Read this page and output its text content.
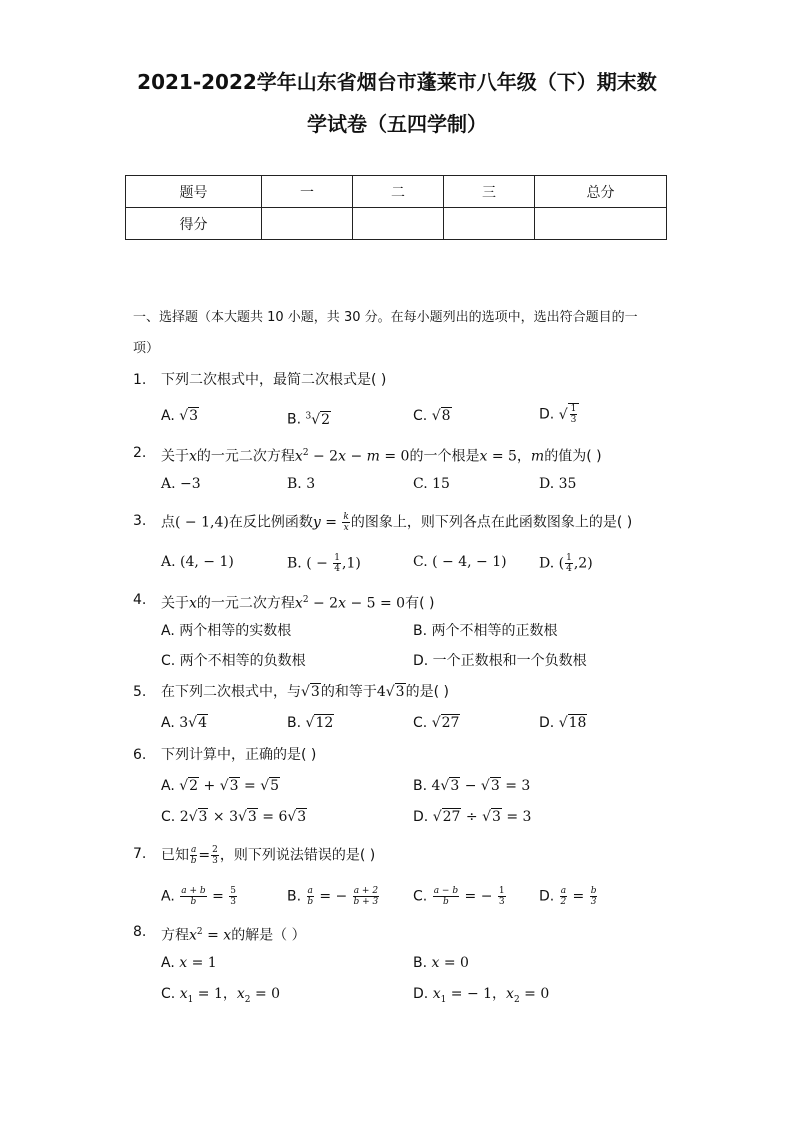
2021-2022学年山东省烟台市蓬莱市八年级（下）期末数
学试卷（五四学制）
题号	一	二	三	总分
得分				
一、选择题（本大题共 10 小题，共 30 分。在每小题列出的选项中，选出符合题目的一
项）
1. 下列二次根式中，最简二次根式是( )
A. √3	B. $^3$√2	C. √8	D. √ $\frac{1}{3}$
2. 关于x的一元二次方程$x^2 - 2x - m = 0$的一个根是x = 5，m的值为( )
A. −3	B. 3	C. 15	D. 35
3. 点( − 1,4)在反比例函数$y = \frac{k}{x}$ 的图象上，则下列各点在此函数图象上的是( )
A. (4, − 1)	B. ( − $\frac{1}{4} ,1$)	C. ( − 4, − 1) D. ( $\frac{1}{4} ,2$)
4. 关于x的一元二次方程$x^2 - 2x - 5 = 0$有( )
A. 两个相等的实数根	B. 两个不相等的正数根
C. 两个不相等的负数根	D. 一个正数根和一个负数根
5. 在下列二次根式中，与√3的和等于4√3的是( )
A. 3√4	B. √12	C. √27	D. √18
6. 下列计算中，正确的是( )
A. √2 + √3 = √5	B. 4√3 − √3 = 3
C. 2√3 × 3√3 = 6√3	D. √27 ÷ √3 = 3
7. 已知 $\frac{a}{b} = \frac{2}{3}$ ，则下列说法错误的是( )
A. $\frac{a + b}{b} = \frac{5}{3}$	B. $\frac{a}{b}$ = − $\frac{a + 2}{b + 3} C$. $\frac{a - b}{b}$ = − $\frac{1}{3} D$. $\frac{a}{2} = \frac{b}{3}$
8. 方程$x^2 = x$的解是（ ）
A. x = 1	B. x = 0
C. $x_1 = 1$，$x_2 = 0$	D. $x_1$ = − 1，$x_2 = 0$
